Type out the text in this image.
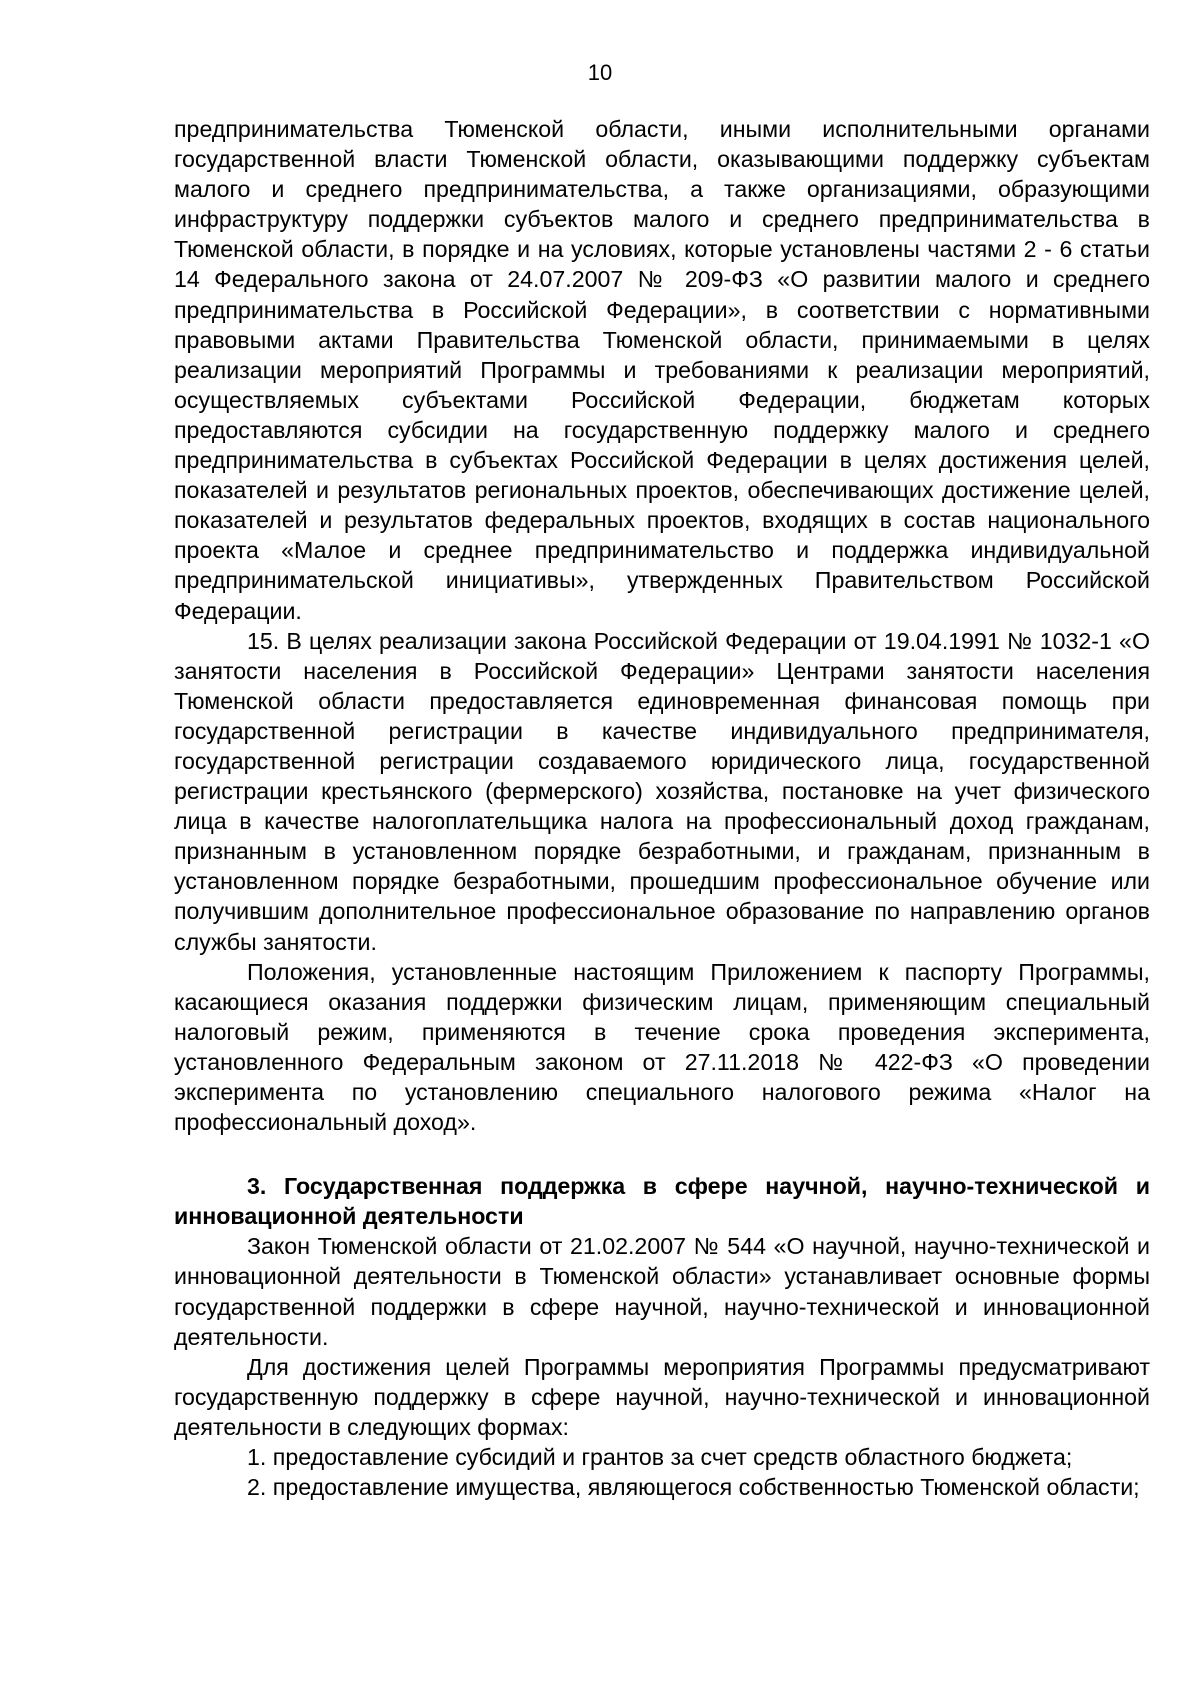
10

предпринимательства Тюменской области, иными исполнительными органами государственной власти Тюменской области, оказывающими поддержку субъектам малого и среднего предпринимательства, а также организациями, образующими инфраструктуру поддержки субъектов малого и среднего предпринимательства в Тюменской области, в порядке и на условиях, которые установлены частями 2 - 6 статьи 14 Федерального закона от 24.07.2007 № 209-ФЗ «О развитии малого и среднего предпринимательства в Российской Федерации», в соответствии с нормативными правовыми актами Правительства Тюменской области, принимаемыми в целях реализации мероприятий Программы и требованиями к реализации мероприятий, осуществляемых субъектами Российской Федерации, бюджетам которых предоставляются субсидии на государственную поддержку малого и среднего предпринимательства в субъектах Российской Федерации в целях достижения целей, показателей и результатов региональных проектов, обеспечивающих достижение целей, показателей и результатов федеральных проектов, входящих в состав национального проекта «Малое и среднее предпринимательство и поддержка индивидуальной предпринимательской инициативы», утвержденных Правительством Российской Федерации.

15. В целях реализации закона Российской Федерации от 19.04.1991 № 1032-1 «О занятости населения в Российской Федерации» Центрами занятости населения Тюменской области предоставляется единовременная финансовая помощь при государственной регистрации в качестве индивидуального предпринимателя, государственной регистрации создаваемого юридического лица, государственной регистрации крестьянского (фермерского) хозяйства, постановке на учет физического лица в качестве налогоплательщика налога на профессиональный доход гражданам, признанным в установленном порядке безработными, и гражданам, признанным в установленном порядке безработными, прошедшим профессиональное обучение или получившим дополнительное профессиональное образование по направлению органов службы занятости.

Положения, установленные настоящим Приложением к паспорту Программы, касающиеся оказания поддержки физическим лицам, применяющим специальный налоговый режим, применяются в течение срока проведения эксперимента, установленного Федеральным законом от 27.11.2018 № 422-ФЗ «О проведении эксперимента по установлению специального налогового режима «Налог на профессиональный доход».

3. Государственная поддержка в сфере научной, научно-технической и инновационной деятельности

Закон Тюменской области от 21.02.2007 № 544 «О научной, научно-технической и инновационной деятельности в Тюменской области» устанавливает основные формы государственной поддержки в сфере научной, научно-технической и инновационной деятельности.

Для достижения целей Программы мероприятия Программы предусматривают государственную поддержку в сфере научной, научно-технической и инновационной деятельности в следующих формах:

1. предоставление субсидий и грантов за счет средств областного бюджета;

2. предоставление имущества, являющегося собственностью Тюменской области;
